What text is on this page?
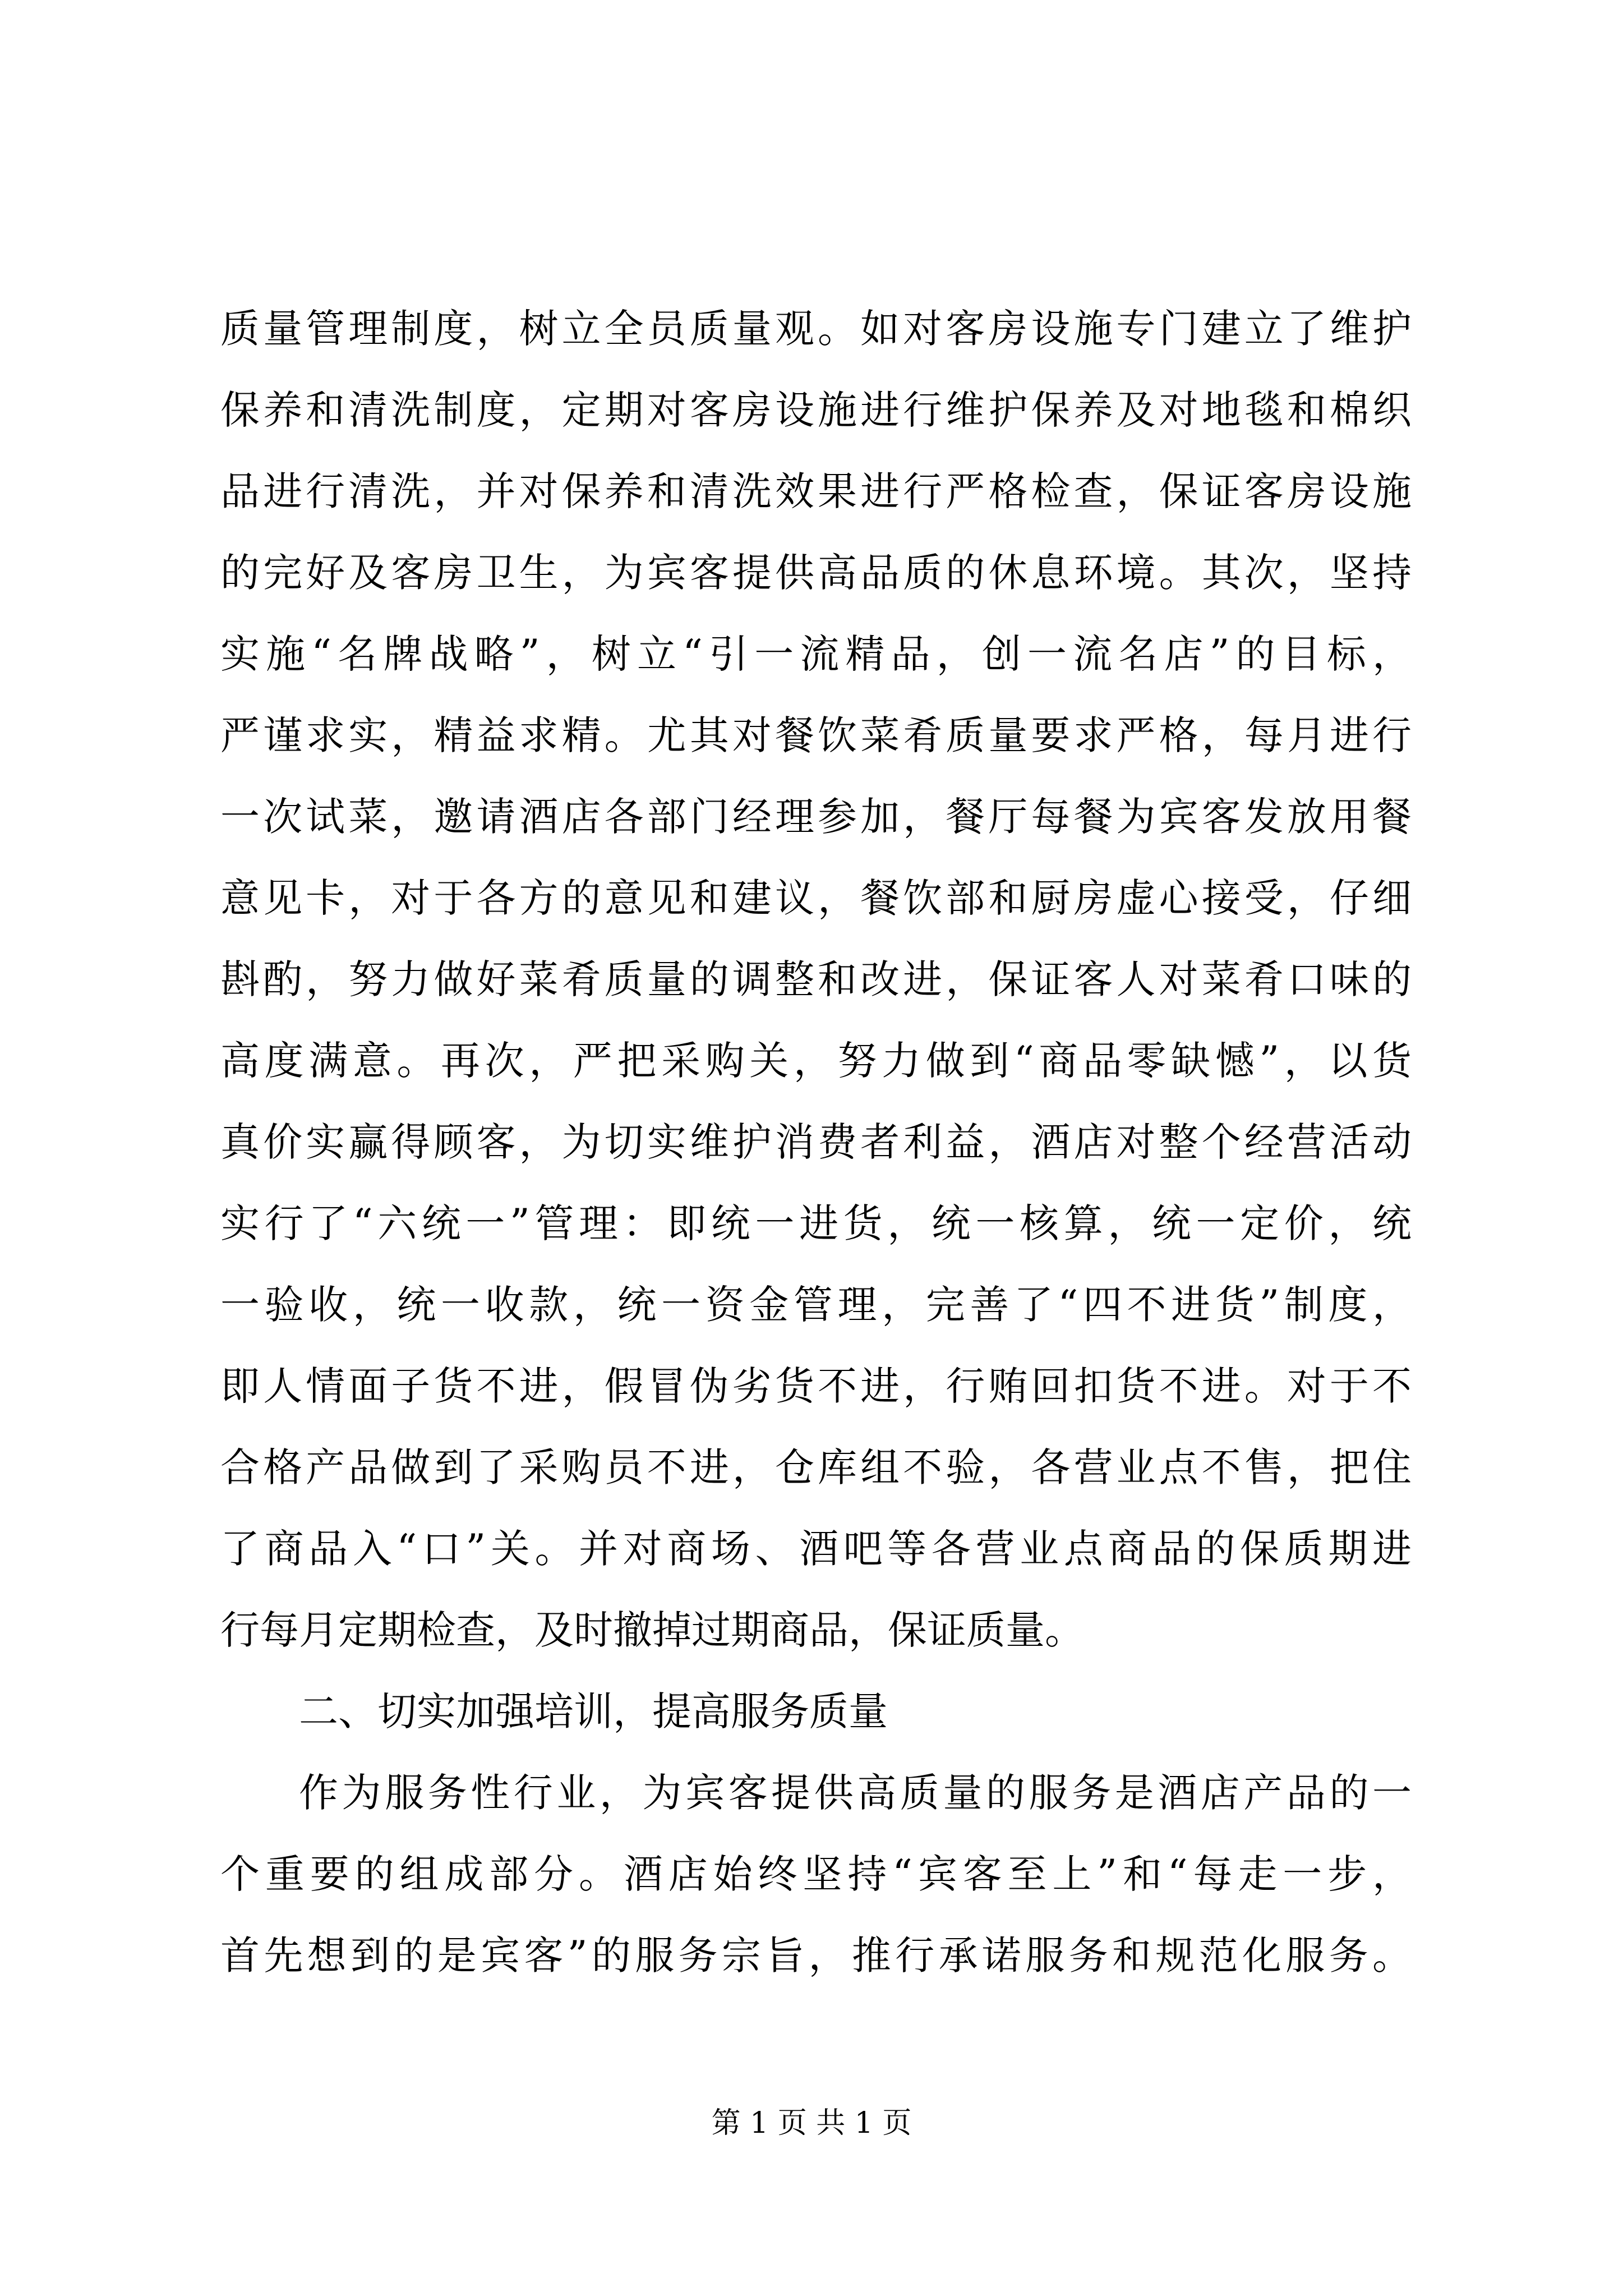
质量管理制度，树立全员质量观。如对客房设施专门建立了维护
保养和清洗制度，定期对客房设施进行维护保养及对地毯和棉织
品进行清洗，并对保养和清洗效果进行严格检查，保证客房设施
的完好及客房卫生，为宾客提供高品质的休息环境。其次，坚持
实施“名牌战略”，树立“引一流精品，创一流名店”的目标，
严谨求实，精益求精。尤其对餐饮菜肴质量要求严格，每月进行
一次试菜，邀请酒店各部门经理参加，餐厅每餐为宾客发放用餐
意见卡，对于各方的意见和建议，餐饮部和厨房虚心接受，仔细
斟酌，努力做好菜肴质量的调整和改进，保证客人对菜肴口味的
高度满意。再次，严把采购关，努力做到“商品零缺憾”，以货
真价实赢得顾客，为切实维护消费者利益，酒店对整个经营活动
实行了“六统一”管理：即统一进货，统一核算，统一定价，统
一验收，统一收款，统一资金管理，完善了“四不进货”制度，
即人情面子货不进，假冒伪劣货不进，行贿回扣货不进。对于不
合格产品做到了采购员不进，仓库组不验，各营业点不售，把住
了商品入“口”关。并对商场、酒吧等各营业点商品的保质期进
行每月定期检查，及时撤掉过期商品，保证质量。
二、切实加强培训，提高服务质量
作为服务性行业，为宾客提供高质量的服务是酒店产品的一
个重要的组成部分。酒店始终坚持“宾客至上”和“每走一步，
首先想到的是宾客”的服务宗旨，推行承诺服务和规范化服务。
第 1 页 共 1 页
